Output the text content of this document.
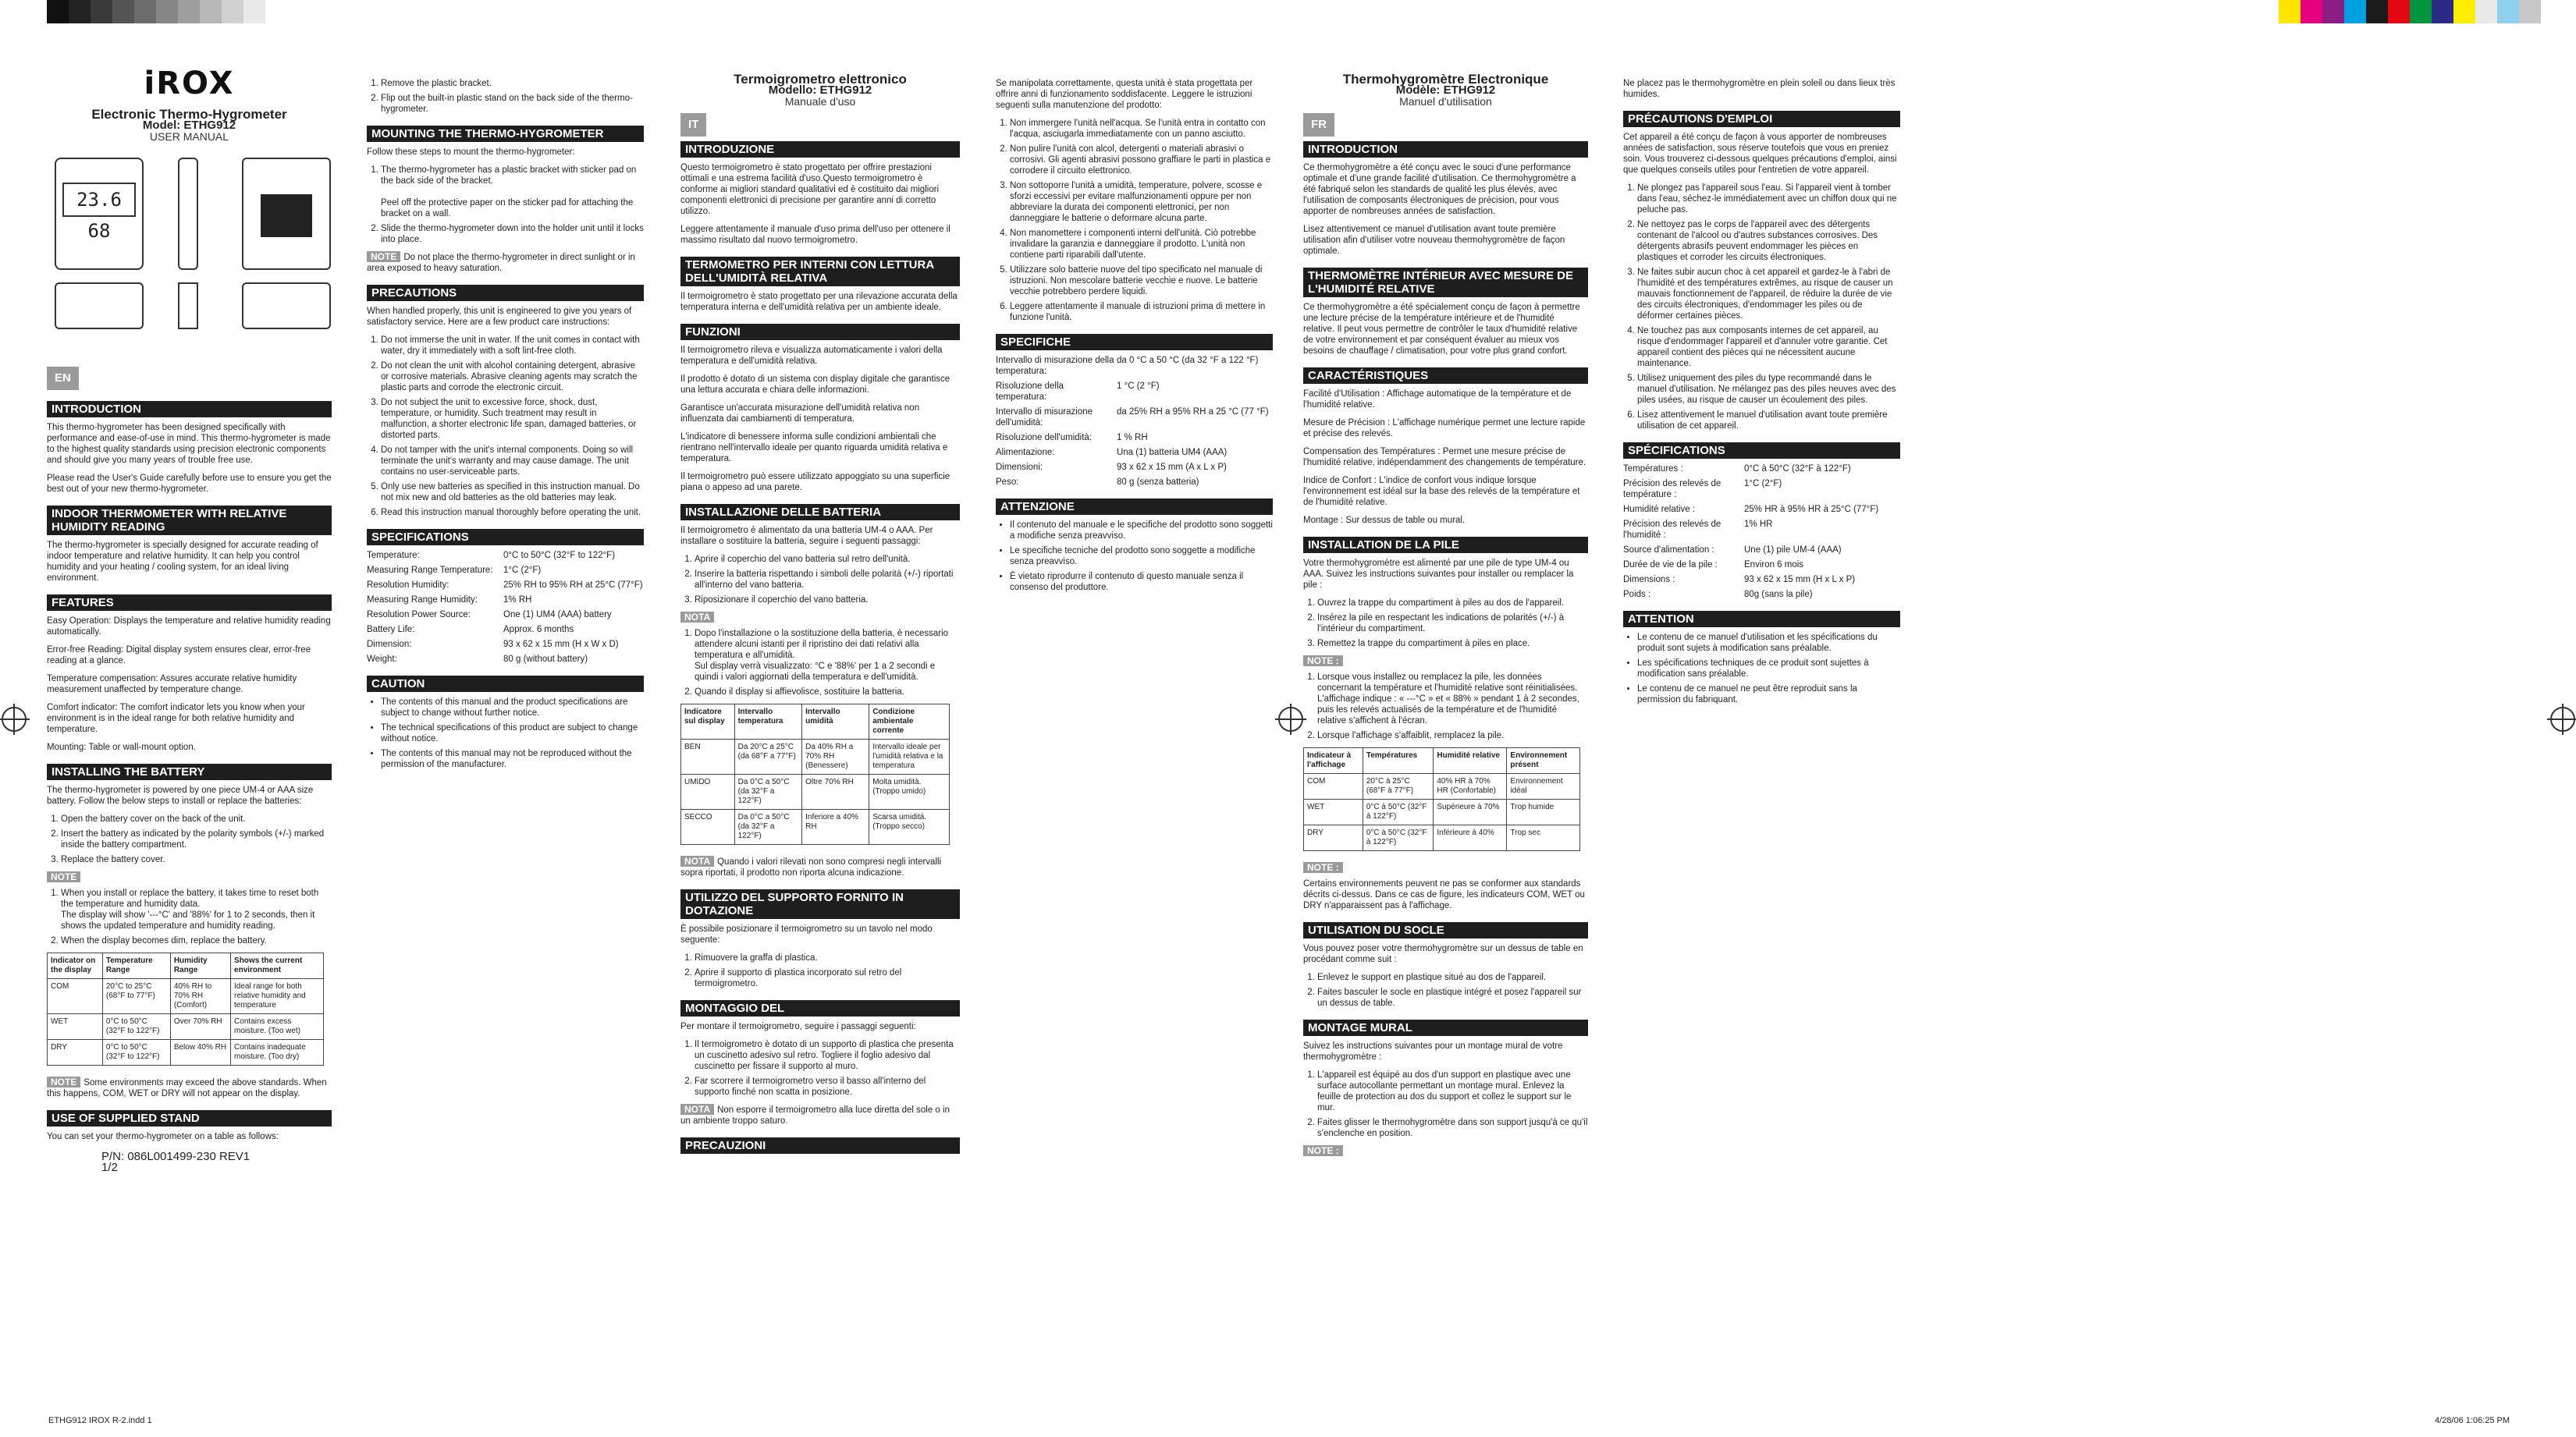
iROX
Electronic Thermo-Hygrometer
Model: ETHG912
USER MANUAL
23.6 68
EN
INTRODUCTION

This thermo-hygrometer has been designed specifically with performance and ease-of-use in mind. This thermo-hygrometer is made to the highest quality standards using precision electronic components and should give you many years of trouble free use.

Please read the User's Guide carefully before use to ensure you get the best out of your new thermo-hygrometer.

INDOOR THERMOMETER WITH RELATIVE HUMIDITY READING

The thermo-hygrometer is specially designed for accurate reading of indoor temperature and relative humidity. It can help you control humidity and your heating / cooling system, for an ideal living environment.

FEATURES

Easy Operation: Displays the temperature and relative humidity reading automatically.

Error-free Reading: Digital display system ensures clear, error-free reading at a glance.

Temperature compensation: Assures accurate relative humidity measurement unaffected by temperature change.

Comfort indicator: The comfort indicator lets you know when your environment is in the ideal range for both relative humidity and temperature.

Mounting: Table or wall-mount option.

INSTALLING THE BATTERY

The thermo-hygrometer is powered by one piece UM-4 or AAA size battery. Follow the below steps to install or replace the batteries:

1. Open the battery cover on the back of the unit.
2. Insert the battery as indicated by the polarity symbols (+/-) marked inside the battery compartment.
3. Replace the battery cover.
NOTE
1. When you install or replace the battery, it takes time to reset both the temperature and humidity data.
The display will show '---°C' and '88%' for 1 to 2 seconds, then it shows the updated temperature and humidity reading.
2. When the display becomes dim, replace the battery.
Indicator on the display	Temperature Range	Humidity Range	Shows the current environment
COM	20°C to 25°C (68°F to 77°F)	40% RH to 70% RH (Comfort)	Ideal range for both relative humidity and temperature
WET	0°C to 50°C (32°F to 122°F)	Over 70% RH	Contains excess moisture. (Too wet)
DRY	0°C to 50°C (32°F to 122°F)	Below 40% RH	Contains inadequate moisture. (Too dry)

NOTE Some environments may exceed the above standards. When this happens, COM, WET or DRY will not appear on the display.

USE OF SUPPLIED STAND

You can set your thermo-hygrometer on a table as follows:

P/N: 086L001499-230 REV1
1/2
1. Remove the plastic bracket.
2. Flip out the built-in plastic stand on the back side of the thermo-hygrometer.
MOUNTING THE THERMO-HYGROMETER

Follow these steps to mount the thermo-hygrometer:

1. The thermo-hygrometer has a plastic bracket with sticker pad on the back side of the bracket.

Peel off the protective paper on the sticker pad for attaching the bracket on a wall.
2. Slide the thermo-hygrometer down into the holder unit until it locks into place.

NOTE Do not place the thermo-hygrometer in direct sunlight or in area exposed to heavy saturation.

PRECAUTIONS

When handled properly, this unit is engineered to give you years of satisfactory service. Here are a few product care instructions:

1. Do not immerse the unit in water. If the unit comes in contact with water, dry it immediately with a soft lint-free cloth.
2. Do not clean the unit with alcohol containing detergent, abrasive or corrosive materials. Abrasive cleaning agents may scratch the plastic parts and corrode the electronic circuit.
3. Do not subject the unit to excessive force, shock, dust, temperature, or humidity. Such treatment may result in malfunction, a shorter electronic life span, damaged batteries, or distorted parts.
4. Do not tamper with the unit's internal components. Doing so will terminate the unit's warranty and may cause damage. The unit contains no user-serviceable parts.
5. Only use new batteries as specified in this instruction manual. Do not mix new and old batteries as the old batteries may leak.
6. Read this instruction manual thoroughly before operating the unit.
SPECIFICATIONS
Temperature:	0°C to 50°C (32°F to 122°F)
Measuring Range Temperature:	1°C (2°F)
Resolution Humidity:	25% RH to 95% RH at 25°C (77°F)
Measuring Range Humidity:	1% RH
Resolution Power Source:	One (1) UM4 (AAA) battery
Battery Life:	Approx. 6 months
Dimension:	93 x 62 x 15 mm (H x W x D)
Weight:	80 g (without battery)
CAUTION
• The contents of this manual and the product specifications are subject to change without further notice.
• The technical specifications of this product are subject to change without notice.
• The contents of this manual may not be reproduced without the permission of the manufacturer.
Termoigrometro elettronico
Modello: ETHG912
Manuale d'uso
IT
INTRODUZIONE

Questo termoigrometro è stato progettato per offrire prestazioni ottimali e una estrema facilità d'uso.Questo termoigrometro è conforme ai migliori standard qualitativi ed è costituito dai migliori componenti elettronici di precisione per garantire anni di corretto utilizzo.

Leggere attentamente il manuale d'uso prima dell'uso per ottenere il massimo risultato dal nuovo termoigrometro.

TERMOMETRO PER INTERNI CON LETTURA DELL'UMIDITÀ RELATIVA

Il termoigrometro è stato progettato per una rilevazione accurata della temperatura interna e dell'umidità relativa per un ambiente ideale.

FUNZIONI

Il termoigrometro rileva e visualizza automaticamente i valori della temperatura e dell'umidità relativa.

Il prodotto è dotato di un sistema con display digitale che garantisce una lettura accurata e chiara delle informazioni.

Garantisce un'accurata misurazione dell'umidità relativa non influenzata dai cambiamenti di temperatura.

L'indicatore di benessere informa sulle condizioni ambientali che rientrano nell'intervallo ideale per quanto riguarda umidità relativa e temperatura.

Il termoigrometro può essere utilizzato appoggiato su una superficie piana o appeso ad una parete.

INSTALLAZIONE DELLE BATTERIA

Il termoigrometro è alimentato da una batteria UM-4 o AAA. Per installare o sostituire la batteria, seguire i seguenti passaggi:

1. Aprire il coperchio del vano batteria sul retro dell'unità.
2. Inserire la batteria rispettando i simboli delle polarità (+/-) riportati all'interno del vano batteria.
3. Riposizionare il coperchio del vano batteria.
NOTA
1. Dopo l'installazione o la sostituzione della batteria, è necessario attendere alcuni istanti per il ripristino dei dati relativi alla temperatura e all'umidità.
Sul display verrà visualizzato: °C e '88%' per 1 a 2 secondi e quindi i valori aggiornati della temperatura e dell'umidità.
2. Quando il display si affievolisce, sostituire la batteria.
Indicatore sul display	Intervallo temperatura	Intervallo umidità	Condizione ambientale corrente
BEN	Da 20°C a 25°C (da 68°F a 77°F)	Da 40% RH a 70% RH (Benessere)	Intervallo ideale per l'umidità relativa e la temperatura
UMIDO	Da 0°C a 50°C (da 32°F a 122°F)	Oltre 70% RH	Molta umidità. (Troppo umido)
SECCO	Da 0°C a 50°C (da 32°F a 122°F)	Inferiore a 40% RH	Scarsa umidità. (Troppo secco)

NOTA Quando i valori rilevati non sono compresi negli intervalli sopra riportati, il prodotto non riporta alcuna indicazione.

UTILIZZO DEL SUPPORTO FORNITO IN DOTAZIONE

È possibile posizionare il termoigrometro su un tavolo nel modo seguente:

1. Rimuovere la graffa di plastica.
2. Aprire il supporto di plastica incorporato sul retro del termoigrometro.
MONTAGGIO DEL

Per montare il termoigrometro, seguire i passaggi seguenti:

1. Il termoigrometro è dotato di un supporto di plastica che presenta un cuscinetto adesivo sul retro. Togliere il foglio adesivo dal cuscinetto per fissare il supporto al muro.
2. Far scorrere il termoigrometro verso il basso all'interno del supporto finché non scatta in posizione.

NOTA Non esporre il termoigrometro alla luce diretta del sole o in un ambiente troppo saturo.

PRECAUZIONI

Se manipolata correttamente, questa unità è stata progettata per offrire anni di funzionamento soddisfacente. Leggere le istruzioni seguenti sulla manutenzione del prodotto:

1. Non immergere l'unità nell'acqua. Se l'unità entra in contatto con l'acqua, asciugarla immediatamente con un panno asciutto.
2. Non pulire l'unità con alcol, detergenti o materiali abrasivi o corrosivi. Gli agenti abrasivi possono graffiare le parti in plastica e corrodere il circuito elettronico.
3. Non sottoporre l'unità a umidità, temperature, polvere, scosse e sforzi eccessivi per evitare malfunzionamenti oppure per non abbreviare la durata dei componenti elettronici, per non danneggiare le batterie o deformare alcuna parte.
4. Non manomettere i componenti interni dell'unità. Ciò potrebbe invalidare la garanzia e danneggiare il prodotto. L'unità non contiene parti riparabili dall'utente.
5. Utilizzare solo batterie nuove del tipo specificato nel manuale di istruzioni. Non mescolare batterie vecchie e nuove. Le batterie vecchie potrebbero perdere liquidi.
6. Leggere attentamente il manuale di istruzioni prima di mettere in funzione l'unità.
SPECIFICHE
Intervallo di misurazione della temperatura:
da 0 °C a 50 °C (da 32 °F a 122 °F)
Risoluzione della temperatura:
1 °C (2 °F)
Intervallo di misurazione dell'umidità:
da 25% RH a 95% RH a 25 °C (77 °F)
Risoluzione dell'umidità:	1 % RH
Alimentazione:	Una (1) batteria UM4 (AAA)
Dimensioni:	93 x 62 x 15 mm (A x L x P)
Peso:	80 g (senza batteria)
ATTENZIONE
• Il contenuto del manuale e le specifiche del prodotto sono soggetti a modifiche senza preavviso.
• Le specifiche tecniche del prodotto sono soggette a modifiche senza preavviso.
• È vietato riprodurre il contenuto di questo manuale senza il consenso del produttore.
Thermohygromètre Electronique
Modèle: ETHG912
Manuel d'utilisation
FR
INTRODUCTION

Ce thermohygromètre a été conçu avec le souci d'une performance optimale et d'une grande facilité d'utilisation. Ce thermohygromètre a été fabriqué selon les standards de qualité les plus élevés, avec l'utilisation de composants électroniques de précision, pour vous apporter de nombreuses années de satisfaction.

Lisez attentivement ce manuel d'utilisation avant toute première utilisation afin d'utiliser votre nouveau thermohygromètre de façon optimale.

THERMOMÈTRE INTÉRIEUR AVEC MESURE DE L'HUMIDITÉ RELATIVE

Ce thermohygromètre a été spécialement conçu de façon à permettre une lecture précise de la température intérieure et de l'humidité relative. Il peut vous permettre de contrôler le taux d'humidité relative de votre environnement et par conséquent évaluer au mieux vos besoins de chauffage / climatisation, pour votre plus grand confort.

CARACTÉRISTIQUES

Facilité d'Utilisation : Affichage automatique de la température et de l'humidité relative.

Mesure de Précision : L'affichage numérique permet une lecture rapide et précise des relevés.

Compensation des Températures : Permet une mesure précise de l'humidité relative, indépendamment des changements de température.

Indice de Confort : L'indice de confort vous indique lorsque l'environnement est idéal sur la base des relevés de la température et de l'humidité relative.

Montage : Sur dessus de table ou mural.

INSTALLATION DE LA PILE

Votre thermohygromètre est alimenté par une pile de type UM-4 ou AAA. Suivez les instructions suivantes pour installer ou remplacer la pile :

1. Ouvrez la trappe du compartiment à piles au dos de l'appareil.
2. Insérez la pile en respectant les indications de polarités (+/-) à l'intérieur du compartiment.
3. Remettez la trappe du compartiment à piles en place.
NOTE :
1. Lorsque vous installez ou remplacez la pile, les données concernant la température et l'humidité relative sont réinitialisées.
L'affichage indique : « ---°C » et « 88% » pendant 1 à 2 secondes, puis les relevés actualisés de la température et de l'humidité relative s'affichent à l'écran.
2. Lorsque l'affichage s'affaiblit, remplacez la pile.
Indicateur à l'affichage	Températures	Humidité relative	Environnement présent
COM	20°C à 25°C (68°F à 77°F)	40% HR à 70% HR (Confortable)	Environnement idéal
WET	0°C à 50°C (32°F à 122°F)	Supérieure à 70%	Trop humide
DRY	0°C à 50°C (32°F à 122°F)	Inférieure à 40%	Trop sec
NOTE :

Certains environnements peuvent ne pas se conformer aux standards décrits ci-dessus. Dans ce cas de figure, les indicateurs COM, WET ou DRY n'apparaissent pas à l'affichage.

UTILISATION DU SOCLE

Vous pouvez poser votre thermohygromètre sur un dessus de table en procédant comme suit :

1. Enlevez le support en plastique situé au dos de l'appareil.
2. Faites basculer le socle en plastique intégré et posez l'appareil sur un dessus de table.
MONTAGE MURAL

Suivez les instructions suivantes pour un montage mural de votre thermohygromètre :

1. L'appareil est équipé au dos d'un support en plastique avec une surface autocollante permettant un montage mural. Enlevez la feuille de protection au dos du support et collez le support sur le mur.
2. Faites glisser le thermohygromètre dans son support jusqu'à ce qu'il s'enclenche en position.
NOTE :

Ne placez pas le thermohygromètre en plein soleil ou dans lieux très humides.

PRÉCAUTIONS D'EMPLOI

Cet appareil a été conçu de façon à vous apporter de nombreuses années de satisfaction, sous réserve toutefois que vous en preniez soin. Vous trouverez ci-dessous quelques précautions d'emploi, ainsi que quelques conseils utiles pour l'entretien de votre appareil.

1. Ne plongez pas l'appareil sous l'eau. Si l'appareil vient à tomber dans l'eau, séchez-le immédiatement avec un chiffon doux qui ne peluche pas.
2. Ne nettoyez pas le corps de l'appareil avec des détergents contenant de l'alcool ou d'autres substances corrosives. Des détergents abrasifs peuvent endommager les pièces en plastiques et corroder les circuits électroniques.
3. Ne faites subir aucun choc à cet appareil et gardez-le à l'abri de l'humidité et des températures extrêmes, au risque de causer un mauvais fonctionnement de l'appareil, de réduire la durée de vie des circuits électroniques, d'endommager les piles ou de déformer certaines pièces.
4. Ne touchez pas aux composants internes de cet appareil, au risque d'endommager l'appareil et d'annuler votre garantie. Cet appareil contient des pièces qui ne nécessitent aucune maintenance.
5. Utilisez uniquement des piles du type recommandé dans le manuel d'utilisation. Ne mélangez pas des piles neuves avec des piles usées, au risque de causer un écoulement des piles.
6. Lisez attentivement le manuel d'utilisation avant toute première utilisation de cet appareil.
SPÉCIFICATIONS
Températures :	0°C à 50°C (32°F à 122°F)
Précision des relevés de température :
1°C (2°F)
Humidité relative :	25% HR à 95% HR à 25°C (77°F)
Précision des relevés de l'humidité :
1% HR
Source d'alimentation :	Une (1) pile UM-4 (AAA)
Durée de vie de la pile :	Environ 6 mois
Dimensions :	93 x 62 x 15 mm (H x L x P)
Poids :	80g (sans la pile)
ATTENTION
• Le contenu de ce manuel d'utilisation et les spécifications du produit sont sujets à modification sans préalable.
• Les spécifications techniques de ce produit sont sujettes à modification sans préalable.
• Le contenu de ce manuel ne peut être reproduit sans la permission du fabriquant.
ETHG912 IROX R-2.indd 1	4/28/06 1:06:25 PM
